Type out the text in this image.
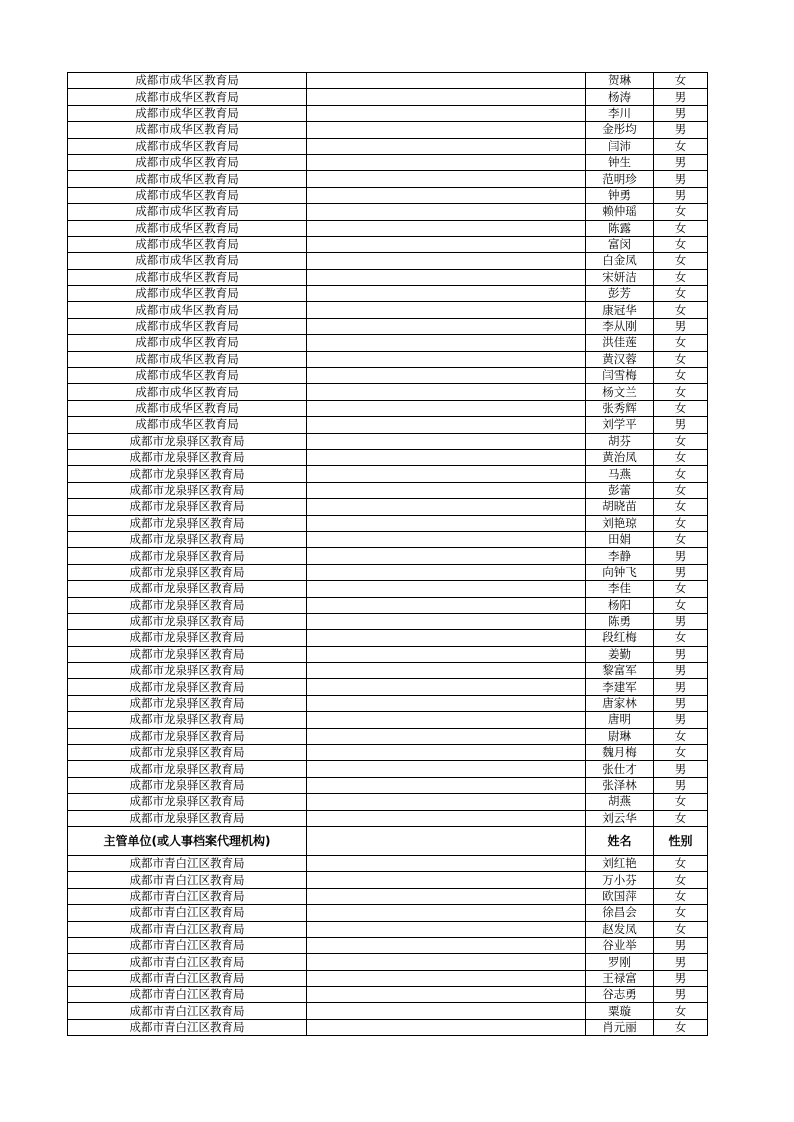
成都市成华区教育局		贺琳	女
成都市成华区教育局		杨涛	男
成都市成华区教育局		李川	男
成都市成华区教育局		金彤均	男
成都市成华区教育局		闫沛	女
成都市成华区教育局		钟生	男
成都市成华区教育局		范明珍	男
成都市成华区教育局		钟勇	男
成都市成华区教育局		赖仲瑶	女
成都市成华区教育局		陈露	女
成都市成华区教育局		富闵	女
成都市成华区教育局		白金凤	女
成都市成华区教育局		宋妍洁	女
成都市成华区教育局		彭芳	女
成都市成华区教育局		康冠华	女
成都市成华区教育局		李从刚	男
成都市成华区教育局		洪佳莲	女
成都市成华区教育局		黄汉蓉	女
成都市成华区教育局		闫雪梅	女
成都市成华区教育局		杨文兰	女
成都市成华区教育局		张秀辉	女
成都市成华区教育局		刘学平	男
成都市龙泉驿区教育局		胡芬	女
成都市龙泉驿区教育局		黄治凤	女
成都市龙泉驿区教育局		马燕	女
成都市龙泉驿区教育局		彭蕾	女
成都市龙泉驿区教育局		胡晓苗	女
成都市龙泉驿区教育局		刘艳琼	女
成都市龙泉驿区教育局		田娟	女
成都市龙泉驿区教育局		李静	男
成都市龙泉驿区教育局		向钟飞	男
成都市龙泉驿区教育局		李佳	女
成都市龙泉驿区教育局		杨阳	女
成都市龙泉驿区教育局		陈勇	男
成都市龙泉驿区教育局		段红梅	女
成都市龙泉驿区教育局		姜勤	男
成都市龙泉驿区教育局		黎富军	男
成都市龙泉驿区教育局		李建军	男
成都市龙泉驿区教育局		唐家林	男
成都市龙泉驿区教育局		唐明	男
成都市龙泉驿区教育局		尉琳	女
成都市龙泉驿区教育局		魏月梅	女
成都市龙泉驿区教育局		张仕才	男
成都市龙泉驿区教育局		张泽林	男
成都市龙泉驿区教育局		胡燕	女
成都市龙泉驿区教育局		刘云华	女
主管单位(或人事档案代理机构)		姓名	性别
成都市青白江区教育局		刘红艳	女
成都市青白江区教育局		万小芬	女
成都市青白江区教育局		欧国萍	女
成都市青白江区教育局		徐昌会	女
成都市青白江区教育局		赵发凤	女
成都市青白江区教育局		谷业举	男
成都市青白江区教育局		罗刚	男
成都市青白江区教育局		王禄富	男
成都市青白江区教育局		谷志勇	男
成都市青白江区教育局		粟璇	女
成都市青白江区教育局		肖元丽	女
